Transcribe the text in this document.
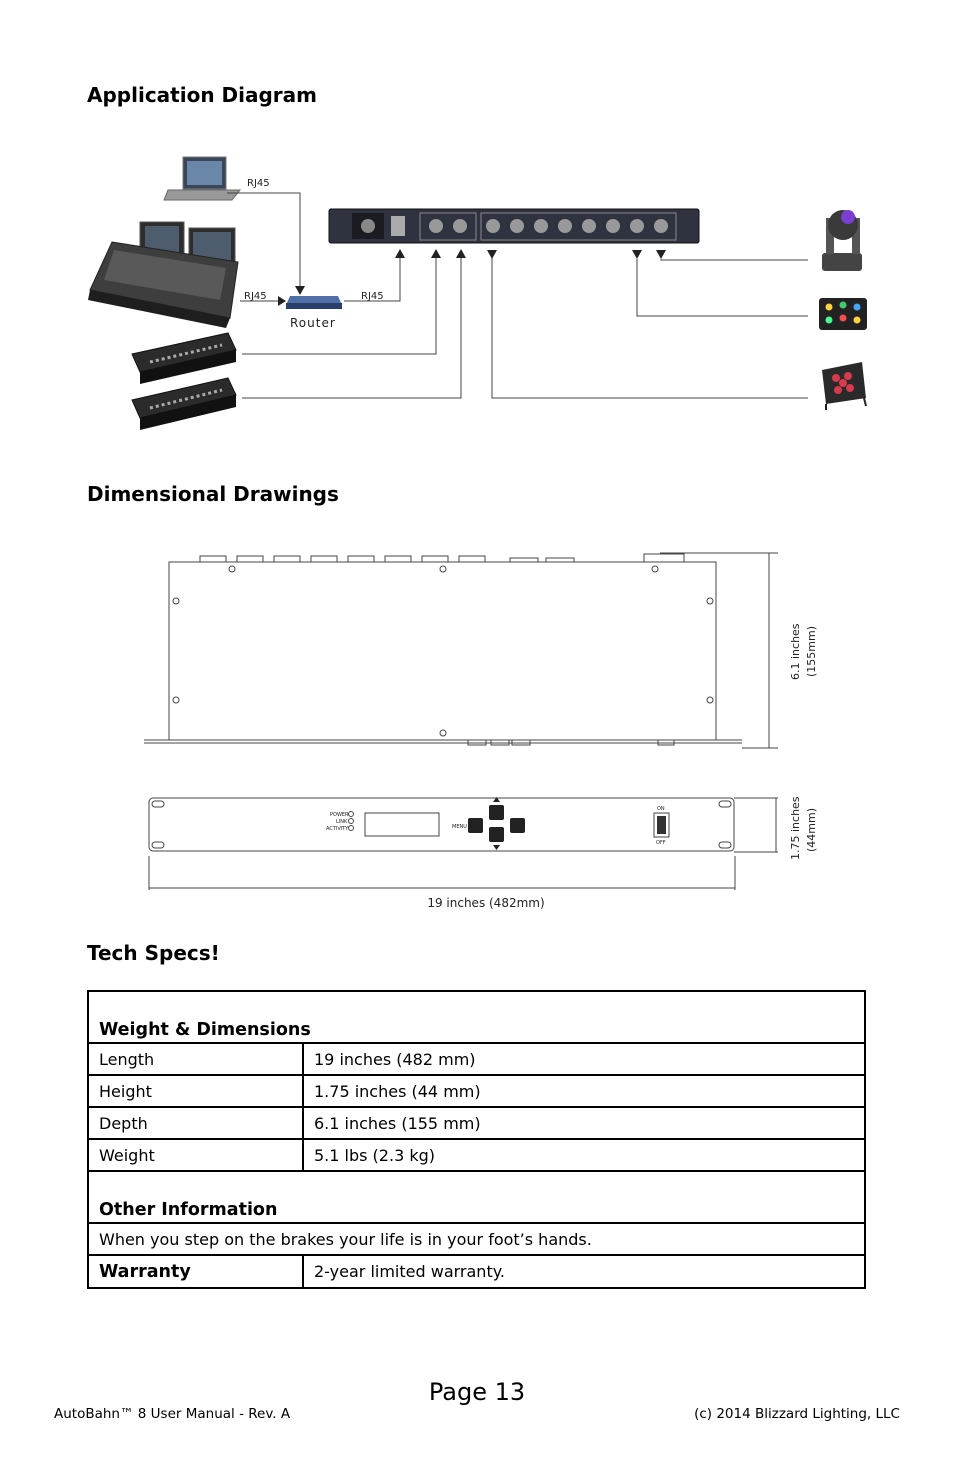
Application Diagram
Router
RJ45
RJ45	RJ45
Dimensional Drawings
6.1 inches (155mm)
POWER
LINK
ACTIVITY	MENU
ON
OFF	1.75 inches (44mm)
19 inches (482mm)
Tech Specs!
Weight & Dimensions	
Length	19 inches (482 mm)
Height	1.75 inches (44 mm)
Depth	6.1 inches (155 mm)
Weight	5.1 lbs (2.3 kg)
Other Information	
When you step on the brakes your life is in your foot’s hands.	
Warranty	2-year limited warranty.
Page 13
AutoBahn™ 8 User Manual - Rev. A	(c) 2014 Blizzard Lighting, LLC
